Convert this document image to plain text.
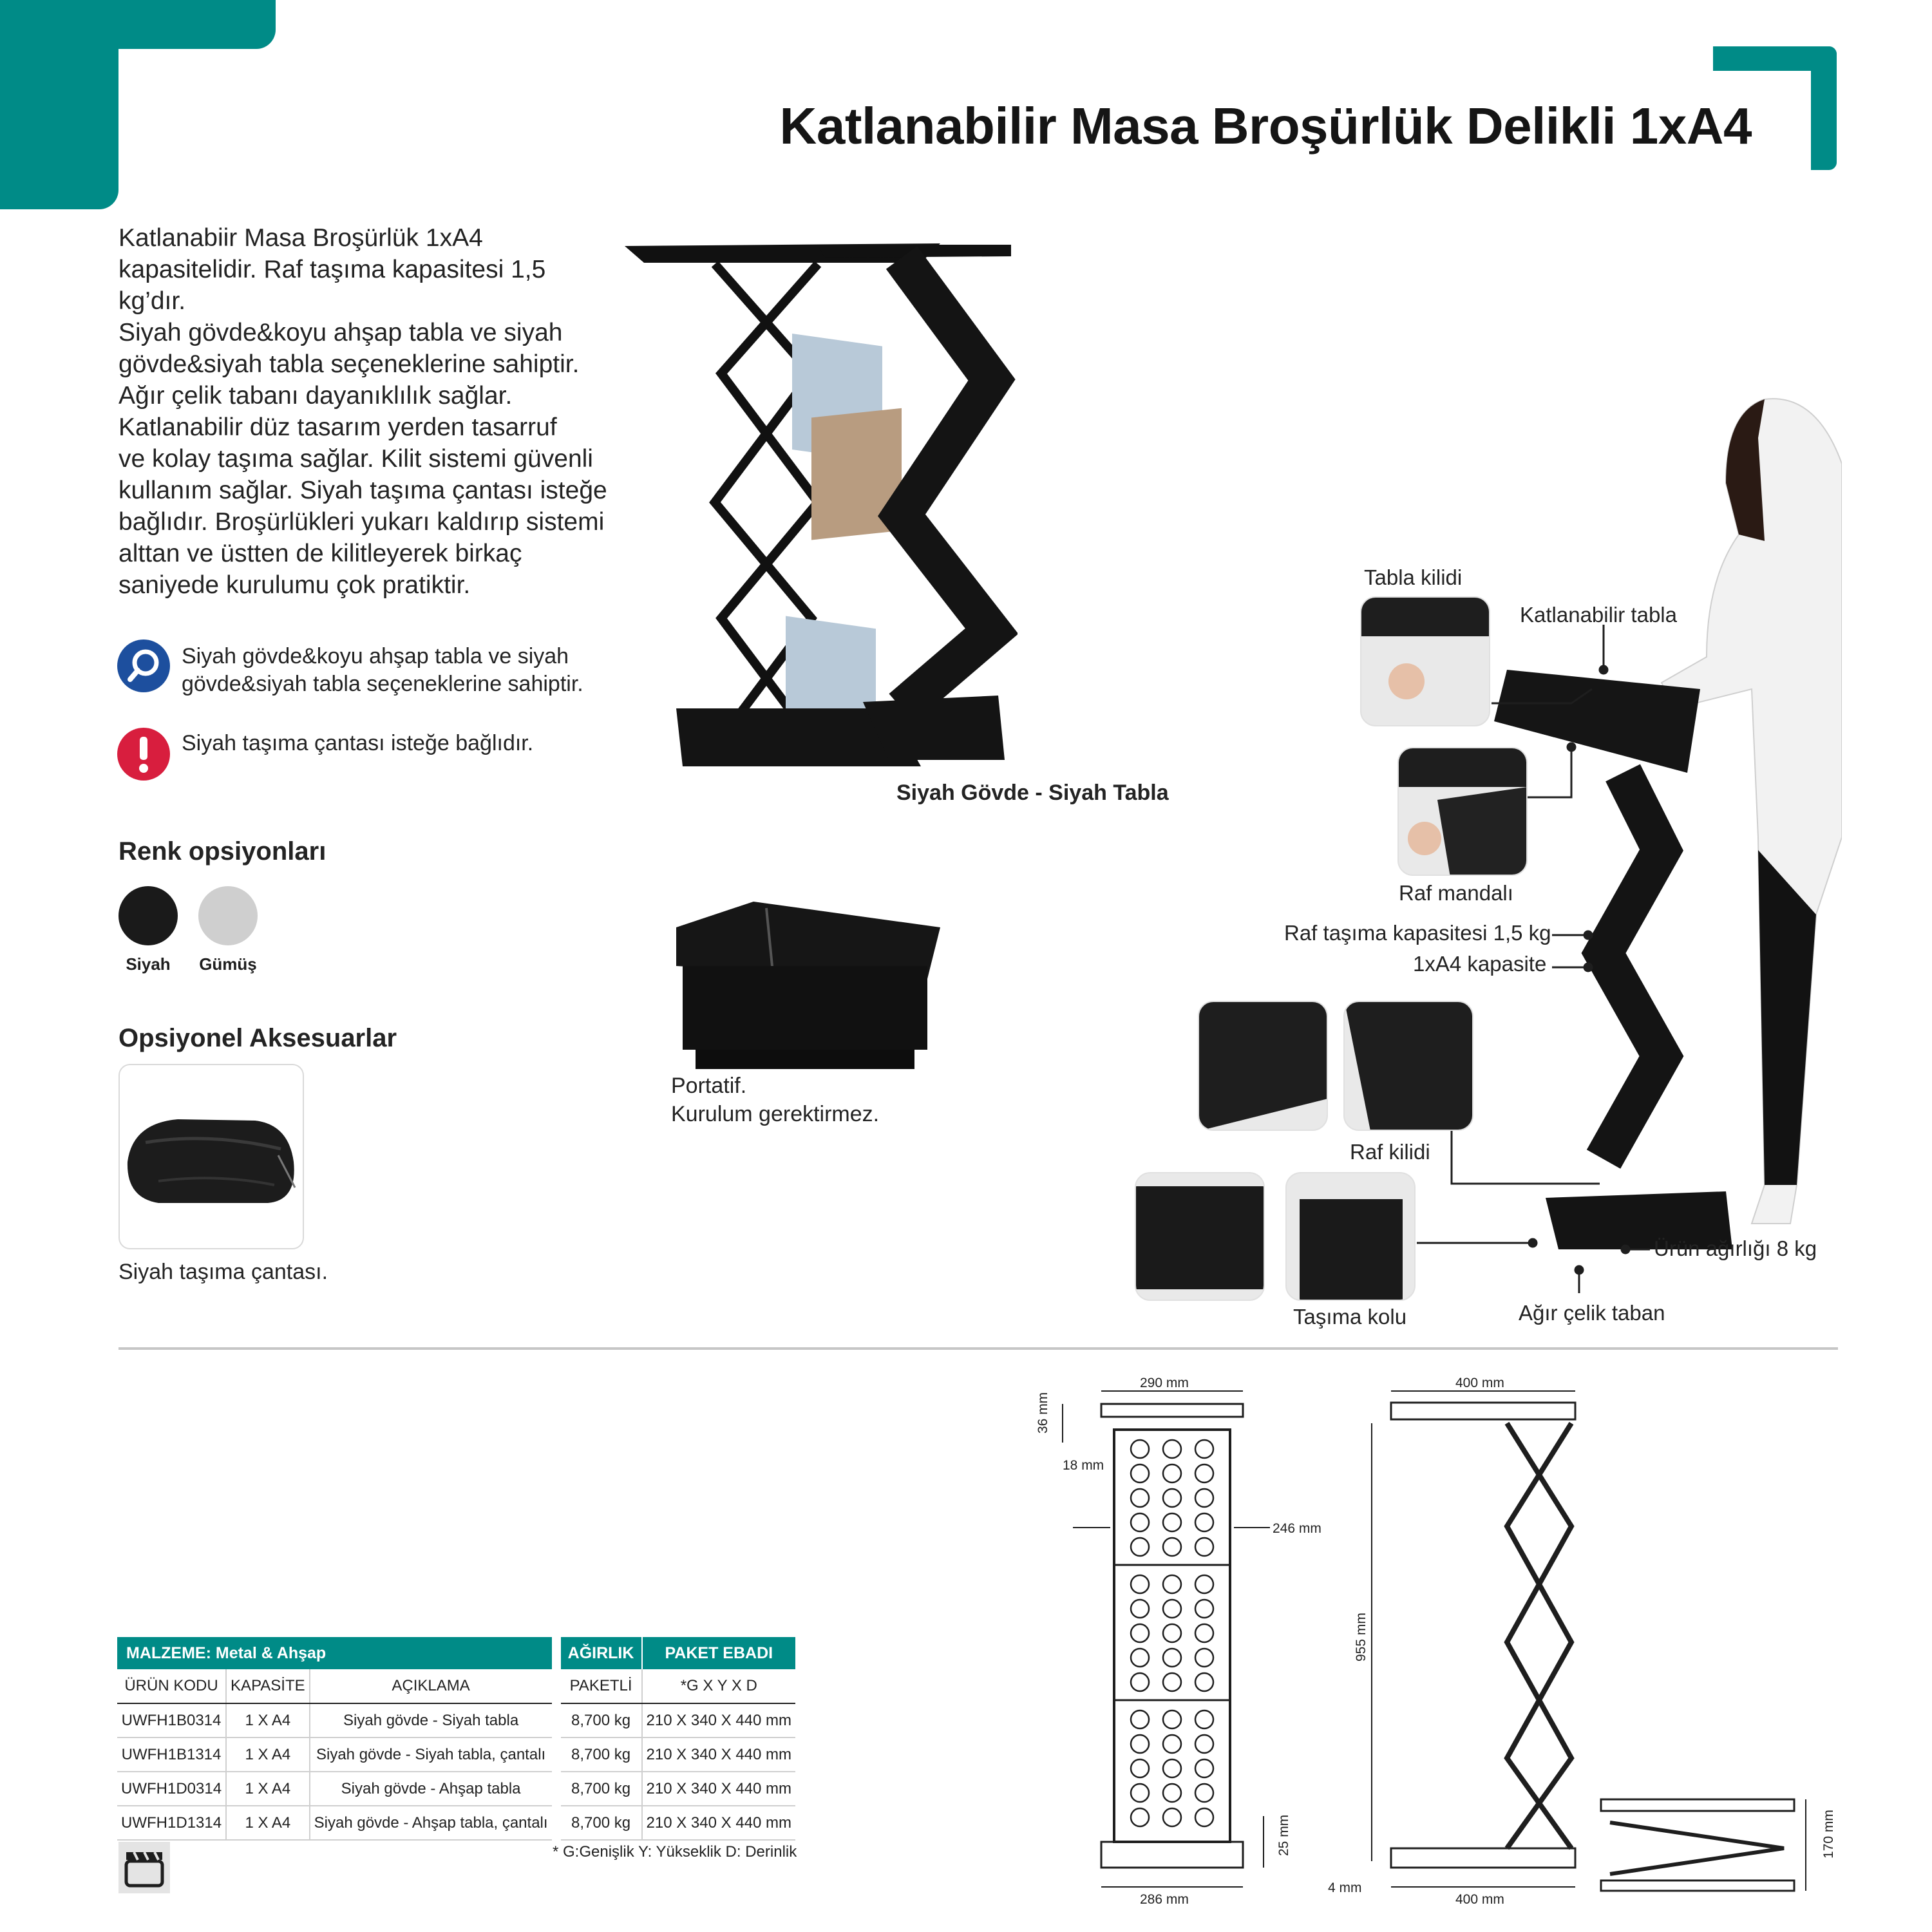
Katlanabilir Masa Broşürlük Delikli 1xA4
Katlanabiir Masa Broşürlük 1xA4
kapasitelidir. Raf taşıma kapasitesi 1,5 kg’dır.
Siyah gövde&koyu ahşap tabla ve siyah
gövde&siyah tabla seçeneklerine sahiptir.
Ağır çelik tabanı dayanıklılık sağlar.
Katlanabilir düz tasarım yerden tasarruf
ve kolay taşıma sağlar. Kilit sistemi güvenli
kullanım sağlar. Siyah taşıma çantası isteğe
bağlıdır. Broşürlükleri yukarı kaldırıp sistemi
alttan ve üstten de kilitleyerek birkaç
saniyede kurulumu çok pratiktir.
Siyah gövde&koyu ahşap tabla ve siyah
gövde&siyah tabla seçeneklerine sahiptir.
Siyah taşıma çantası isteğe bağlıdır.
Renk opsiyonları
Siyah	Gümüş
Opsiyonel Aksesuarlar
Siyah taşıma çantası.
Siyah Gövde - Siyah Tabla
Portatif.
Kurulum gerektirmez.
Tabla kilidi
Katlanabilir tabla
Raf mandalı
Raf taşıma kapasitesi 1,5 kg
1xA4 kapasite
Raf kilidi
Ürün ağırlığı 8 kg
Taşıma kolu	Ağır çelik taban
MALZEME: Metal & Ahşap				AĞIRLIK	PAKET EBADI
ÜRÜN KODU	KAPASİTE	AÇIKLAMA		PAKETLİ	*G X Y X D
UWFH1B0314	1 X A4	Siyah gövde - Siyah tabla		8,700 kg	210 X 340 X 440 mm
UWFH1B1314	1 X A4	Siyah gövde - Siyah tabla, çantalı		8,700 kg	210 X 340 X 440 mm
UWFH1D0314	1 X A4	Siyah gövde - Ahşap tabla		8,700 kg	210 X 340 X 440 mm
UWFH1D1314	1 X A4	Siyah gövde - Ahşap tabla, çantalı		8,700 kg	210 X 340 X 440 mm
* G:Genişlik Y: Yükseklik D: Derinlik
290 mm
36 mm
18 mm
246 mm
25 mm
286 mm
400 mm
955 mm
4 mm
400 mm
170 mm
